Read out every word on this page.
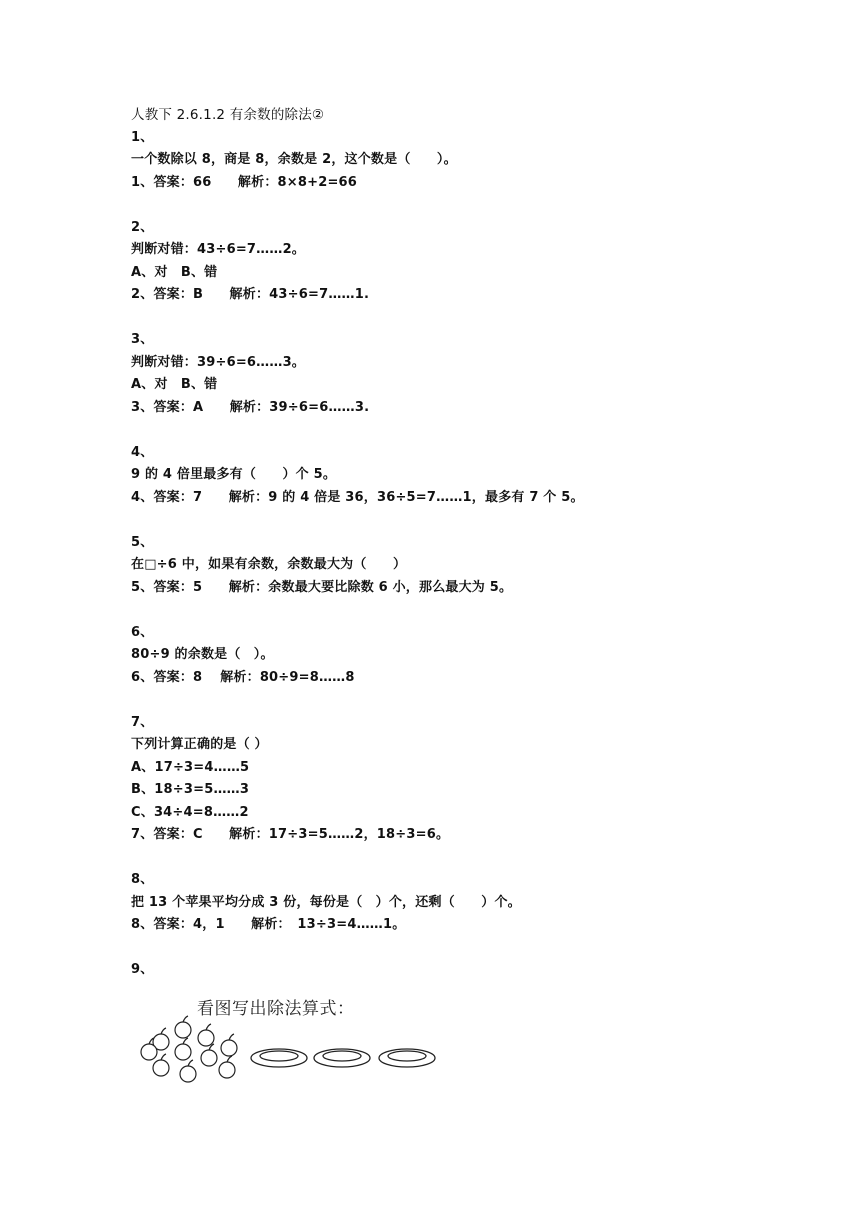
人教下 2.6.1.2 有余数的除法②
1、
一个数除以 8，商是 8，余数是 2，这个数是（　　）。
1、答案：66　　解析：8×8+2=66
2、
判断对错：43÷6=7……2。
A、对　B、错
2、答案：B　　解析：43÷6=7……1.
3、
判断对错：39÷6=6……3。
A、对　B、错
3、答案：A　　解析：39÷6=6……3.
4、
9 的 4 倍里最多有（　　）个 5。
4、答案：7　　解析：9 的 4 倍是 36，36÷5=7……1，最多有 7 个 5。
5、
在□÷6 中，如果有余数，余数最大为（　　）
5、答案：5　　解析：余数最大要比除数 6 小，那么最大为 5。
6、
80÷9 的余数是（　）。
6、答案：8　 解析：80÷9=8……8
7、
下列计算正确的是（ ）
A、17÷3=4……5
B、18÷3=5……3
C、34÷4=8……2
7、答案：C　　解析：17÷3=5……2，18÷3=6。
8、
把 13 个苹果平均分成 3 份，每份是（　）个，还剩（　　）个。
8、答案：4，1　　解析：　13÷3=4……1。
9、
看图写出除法算式：
